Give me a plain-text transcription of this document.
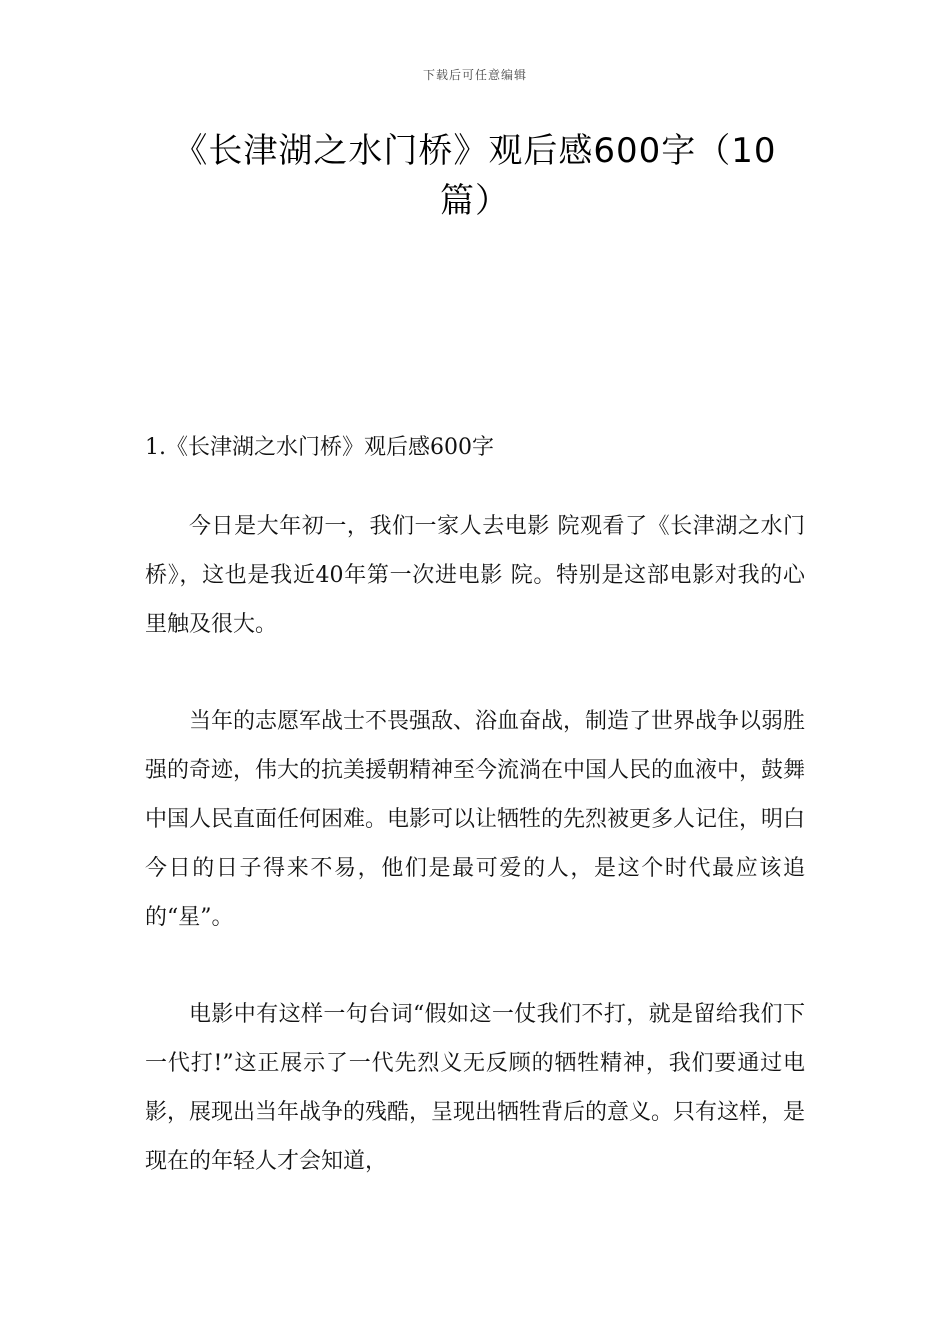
下载后可任意编辑
《长津湖之水门桥》观后感600字（10篇）
1.《长津湖之水门桥》观后感600字

今日是大年初一，我们一家人去电影 院观看了《长津湖之水门桥》，这也是我近40年第一次进电影 院。特别是这部电影对我的心里触及很大。

当年的志愿军战士不畏强敌、浴血奋战，制造了世界战争以弱胜强的奇迹，伟大的抗美援朝精神至今流淌在中国人民的血液中，鼓舞中国人民直面任何困难。电影可以让牺牲的先烈被更多人记住，明白今日的日子得来不易，他们是最可爱的人，是这个时代最应该追的“星”。

电影中有这样一句台词“假如这一仗我们不打，就是留给我们下一代打!”这正展示了一代先烈义无反顾的牺牲精神，我们要通过电影，展现出当年战争的残酷，呈现出牺牲背后的意义。只有这样，是现在的年轻人才会知道，
